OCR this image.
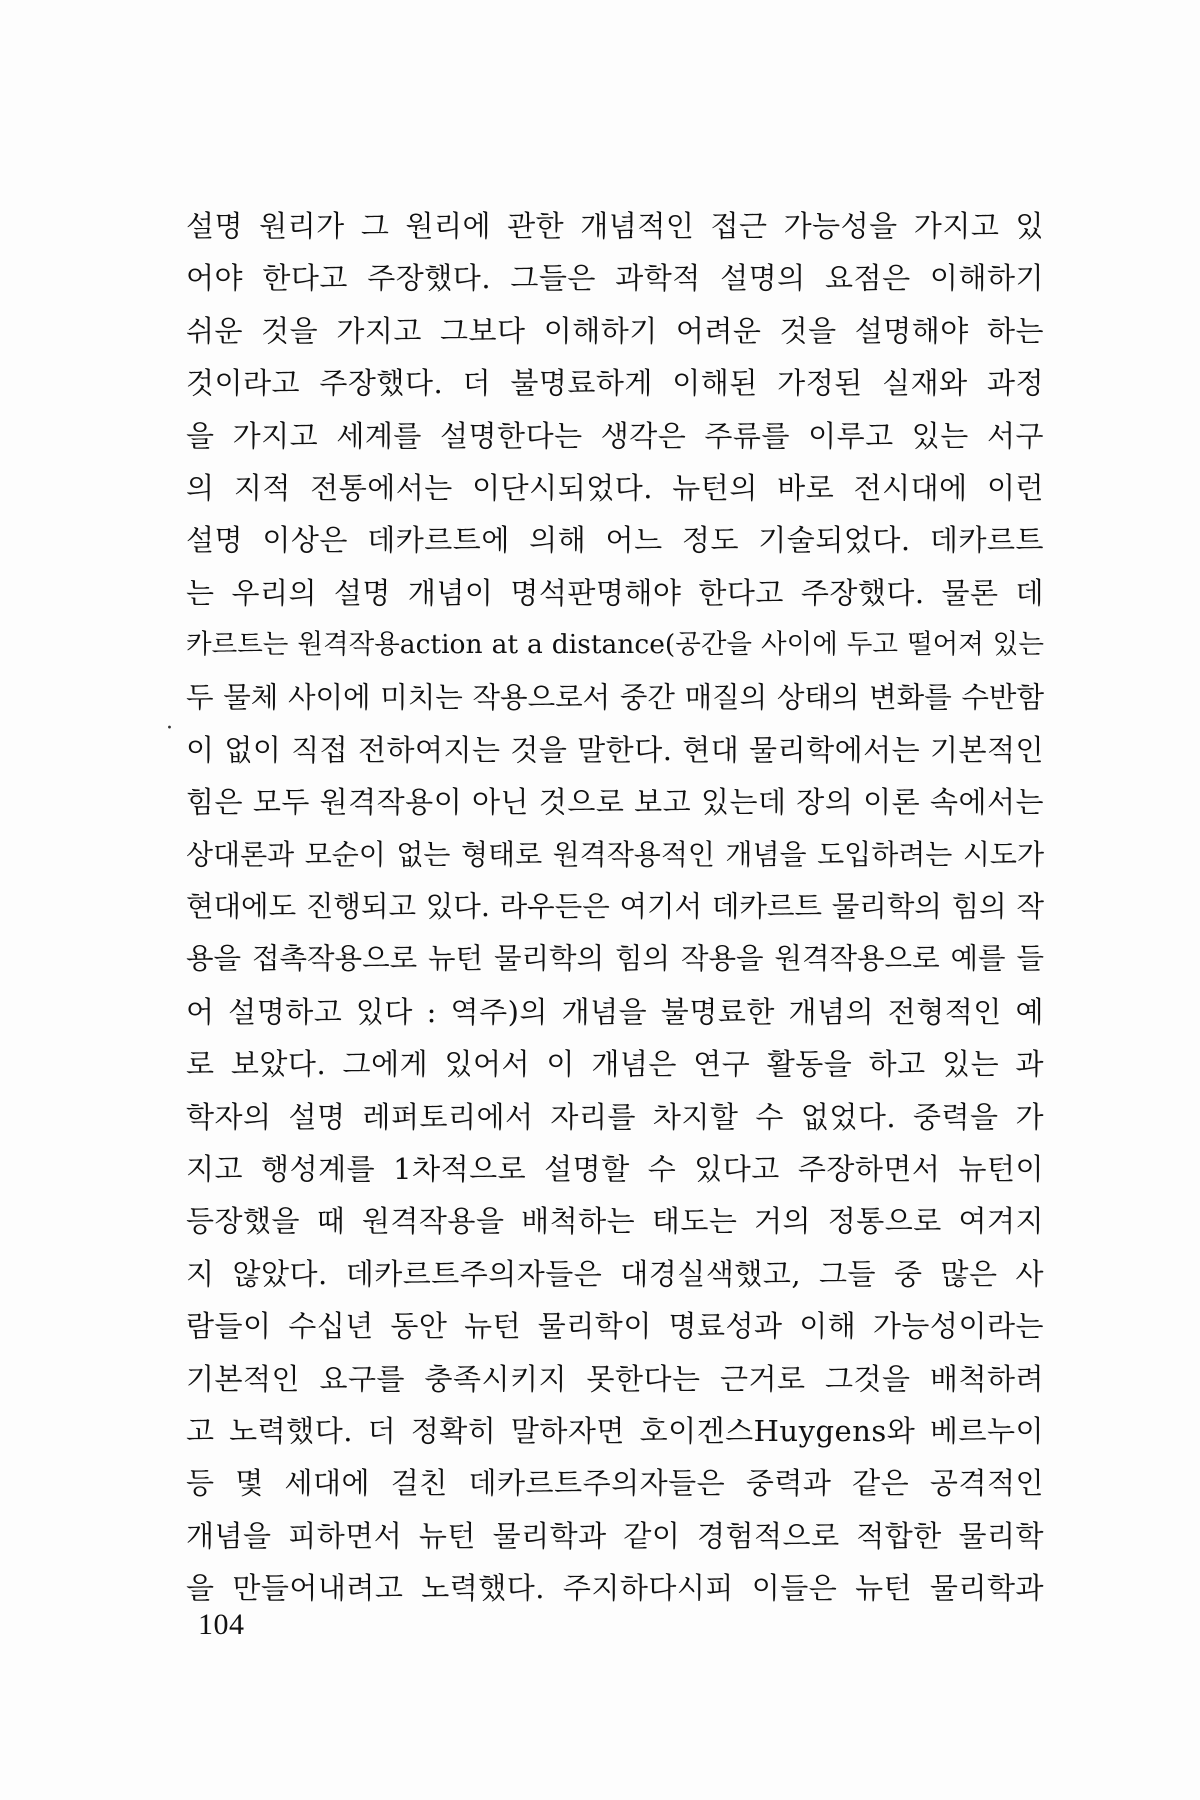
설명 원리가 그 원리에 관한 개념적인 접근 가능성을 가지고 있
어야 한다고 주장했다. 그들은 과학적 설명의 요점은 이해하기
쉬운 것을 가지고 그보다 이해하기 어려운 것을 설명해야 하는
것이라고 주장했다. 더 불명료하게 이해된 가정된 실재와 과정
을 가지고 세계를 설명한다는 생각은 주류를 이루고 있는 서구
의 지적 전통에서는 이단시되었다. 뉴턴의 바로 전시대에 이런
설명 이상은 데카르트에 의해 어느 정도 기술되었다. 데카르트
는 우리의 설명 개념이 명석판명해야 한다고 주장했다. 물론 데
카르트는 원격작용action at a distance(공간을 사이에 두고 떨어져 있는
두 물체 사이에 미치는 작용으로서 중간 매질의 상태의 변화를 수반함
이 없이 직접 전하여지는 것을 말한다. 현대 물리학에서는 기본적인
힘은 모두 원격작용이 아닌 것으로 보고 있는데 장의 이론 속에서는
상대론과 모순이 없는 형태로 원격작용적인 개념을 도입하려는 시도가
현대에도 진행되고 있다. 라우든은 여기서 데카르트 물리학의 힘의 작
용을 접촉작용으로 뉴턴 물리학의 힘의 작용을 원격작용으로 예를 들
어 설명하고 있다 : 역주)의 개념을 불명료한 개념의 전형적인 예
로 보았다. 그에게 있어서 이 개념은 연구 활동을 하고 있는 과
학자의 설명 레퍼토리에서 자리를 차지할 수 없었다. 중력을 가
지고 행성계를 1차적으로 설명할 수 있다고 주장하면서 뉴턴이
등장했을 때 원격작용을 배척하는 태도는 거의 정통으로 여겨지
지 않았다. 데카르트주의자들은 대경실색했고, 그들 중 많은 사
람들이 수십년 동안 뉴턴 물리학이 명료성과 이해 가능성이라는
기본적인 요구를 충족시키지 못한다는 근거로 그것을 배척하려
고 노력했다. 더 정확히 말하자면 호이겐스Huygens와 베르누이
등 몇 세대에 걸친 데카르트주의자들은 중력과 같은 공격적인
개념을 피하면서 뉴턴 물리학과 같이 경험적으로 적합한 물리학
을 만들어내려고 노력했다. 주지하다시피 이들은 뉴턴 물리학과
·
104
